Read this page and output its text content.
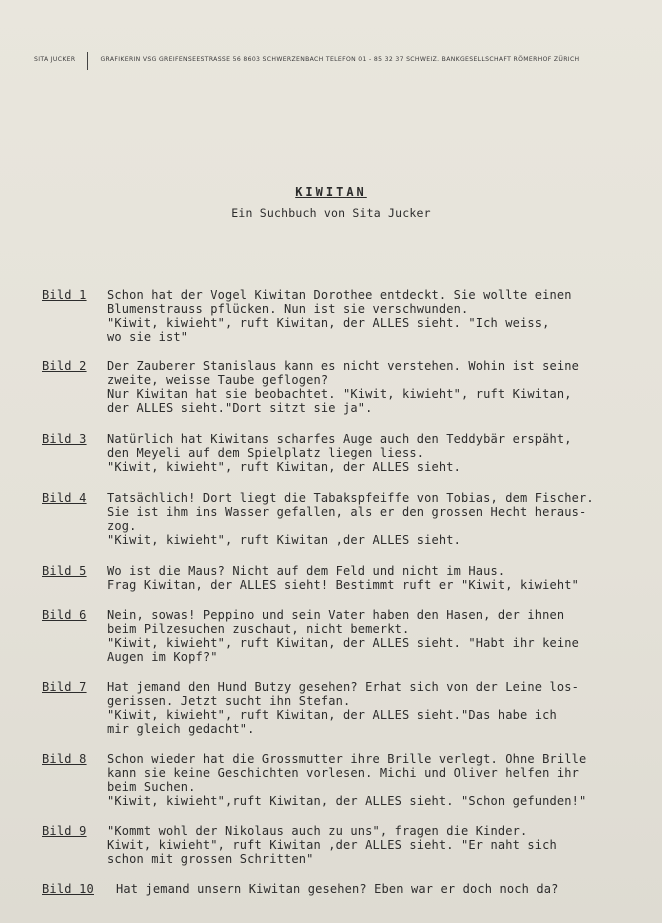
SITA JUCKER	GRAFIKERIN VSG GREIFENSEESTRASSE 56 8603 SCHWERZENBACH TELEFON 01 - 85 32 37 SCHWEIZ. BANKGESELLSCHAFT RÖMERHOF ZÜRICH
KIWITAN
Ein Suchbuch von Sita Jucker
Bild 1 Schon hat der Vogel Kiwitan Dorothee entdeckt. Sie wollte einen
Blumenstrauss pflücken. Nun ist sie verschwunden.
"Kiwit, kiwieht", ruft Kiwitan, der ALLES sieht. "Ich weiss,
wo sie ist"
Bild 2 Der Zauberer Stanislaus kann es nicht verstehen. Wohin ist seine
zweite, weisse Taube geflogen?
Nur Kiwitan hat sie beobachtet. "Kiwit, kiwieht", ruft Kiwitan,
der ALLES sieht."Dort sitzt sie ja".
Bild 3 Natürlich hat Kiwitans scharfes Auge auch den Teddybär erspäht,
den Meyeli auf dem Spielplatz liegen liess.
"Kiwit, kiwieht", ruft Kiwitan, der ALLES sieht.
Bild 4 Tatsächlich! Dort liegt die Tabakspfeiffe von Tobias, dem Fischer.
Sie ist ihm ins Wasser gefallen, als er den grossen Hecht heraus-
zog.
"Kiwit, kiwieht", ruft Kiwitan ,der ALLES sieht.
Bild 5 Wo ist die Maus? Nicht auf dem Feld und nicht im Haus.
Frag Kiwitan, der ALLES sieht! Bestimmt ruft er "Kiwit, kiwieht"
Bild 6 Nein, sowas! Peppino und sein Vater haben den Hasen, der ihnen
beim Pilzesuchen zuschaut, nicht bemerkt.
"Kiwit, kiwieht", ruft Kiwitan, der ALLES sieht. "Habt ihr keine
Augen im Kopf?"
Bild 7 Hat jemand den Hund Butzy gesehen? Erhat sich von der Leine los-
gerissen. Jetzt sucht ihn Stefan.
"Kiwit, kiwieht", ruft Kiwitan, der ALLES sieht."Das habe ich
mir gleich gedacht".
Bild 8 Schon wieder hat die Grossmutter ihre Brille verlegt. Ohne Brille
kann sie keine Geschichten vorlesen. Michi und Oliver helfen ihr
beim Suchen.
"Kiwit, kiwieht",ruft Kiwitan, der ALLES sieht. "Schon gefunden!"
Bild 9 "Kommt wohl der Nikolaus auch zu uns", fragen die Kinder.
Kiwit, kiwieht", ruft Kiwitan ,der ALLES sieht. "Er naht sich
schon mit grossen Schritten"
Bild 10 Hat jemand unsern Kiwitan gesehen? Eben war er doch noch da?
